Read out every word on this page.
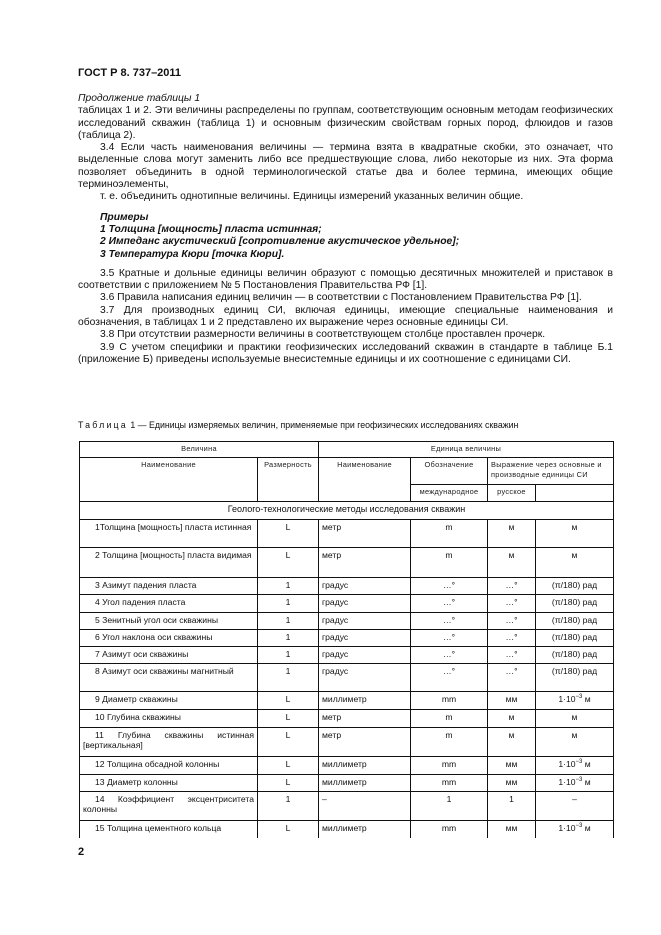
ГОСТ Р 8. 737–2011
Продолжение таблицы 1
таблицах 1 и 2. Эти величины распределены по группам, соответствующим основным методам геофизических исследований скважин (таблица 1) и основным физическим свойствам горных пород, флюидов и газов (таблица 2).
3.4 Если часть наименования величины — термина взята в квадратные скобки, это означает, что выделенные слова могут заменить либо все предшествующие слова, либо некоторые из них. Эта форма позволяет объединить в одной терминологической статье два и более термина, имеющих общие терминоэлементы,
т. е. объединить однотипные величины. Единицы измерений указанных величин общие.
Примеры
1 Толщина [мощность] пласта истинная;
2 Импеданс акустический [сопротивление акустическое удельное];
3 Температура Кюри [точка Кюри].
3.5 Кратные и дольные единицы величин образуют с помощью десятичных множителей и приставок в соответствии с приложением № 5 Постановления Правительства РФ [1].
3.6 Правила написания единиц величин — в соответствии с Постановлением Правительства РФ [1].
3.7 Для производных единиц СИ, включая единицы, имеющие специальные наименования и обозначения, в таблицах 1 и 2 представлено их выражение через основные единицы СИ.
3.8 При отсутствии размерности величины в соответствующем столбце проставлен прочерк.
3.9 С учетом специфики и практики геофизических исследований скважин в стандарте в таблице Б.1 (приложение Б) приведены используемые внесистемные единицы и их соотношение с единицами СИ.
Таблица 1 — Единицы измеряемых величин, применяемые при геофизических исследованиях скважин
Величина		Единица величины			
Наименование	Размерность	Наименование	Обозначение	Выражение через основные и производные единицы СИ	
			международное	русское	
Геолого-технологические методы исследования скважин					
1Толщина [мощность] пласта истинная	L	метр	m	м	м
2 Толщина [мощность] пласта видимая	L	метр	m	м	м
3 Азимут падения пласта	1	градус	…°	…°	(π/180) рад
4 Угол падения пласта	1	градус	…°	…°	(π/180) рад
5 Зенитный угол оси скважины	1	градус	…°	…°	(π/180) рад
6 Угол наклона оси скважины	1	градус	…°	…°	(π/180) рад
7 Азимут оси скважины	1	градус	…°	…°	(π/180) рад
8 Азимут оси скважины магнитный	1	градус	…°	…°	(π/180) рад
9 Диаметр скважины	L	миллиметр	mm	мм	$1\cdot 10^{-3}$ м
10 Глубина скважины	L	метр	m	м	м
11 Глубина скважины истинная [вертикальная]	L	метр	m	м	м
12 Толщина обсадной колонны	L	миллиметр	mm	мм	$1\cdot 10^{-3}$ м
13 Диаметр колонны	L	миллиметр	mm	мм	$1\cdot 10^{-3}$ м
14 Коэффициент эксцентриситета колонны	1	–	1	1	–
15 Толщина цементного кольца	L	миллиметр	mm	мм	$1\cdot 10^{-3}$ м
2
